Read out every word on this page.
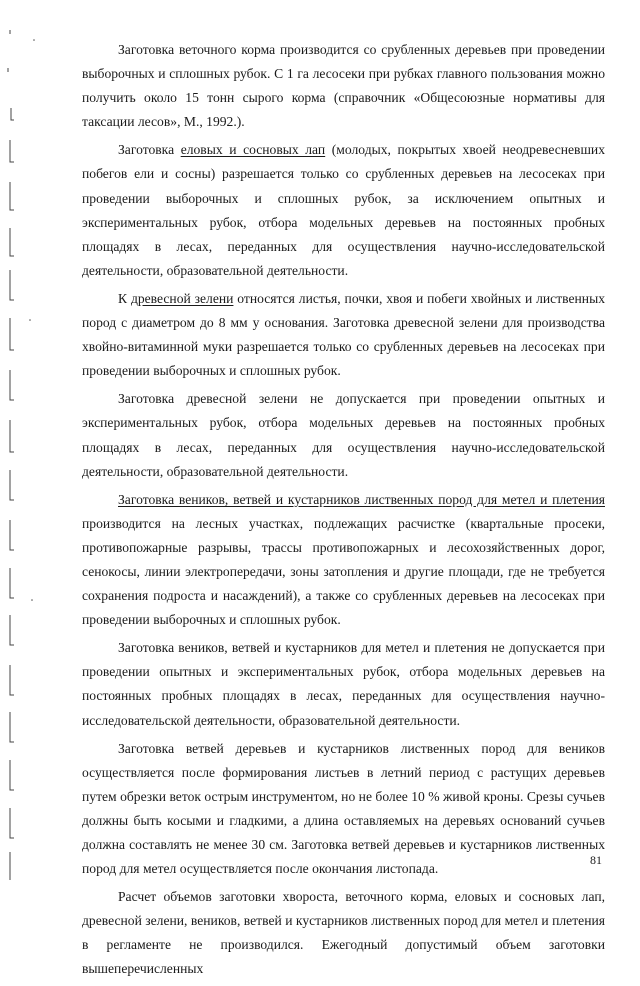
Заготовка веточного корма производится со срубленных деревьев при проведении выборочных и сплошных рубок. С 1 га лесосеки при рубках главного пользования можно получить около 15 тонн сырого корма (справочник «Общесоюзные нормативы для таксации лесов», М., 1992.).

Заготовка еловых и сосновых лап (молодых, покрытых хвоей неодревесневших побегов ели и сосны) разрешается только со срубленных деревьев на лесосеках при проведении выборочных и сплошных рубок, за исключением опытных и экспериментальных рубок, отбора модельных деревьев на постоянных пробных площадях в лесах, переданных для осуществления научно-исследовательской деятельности, образовательной деятельности.

К древесной зелени относятся листья, почки, хвоя и побеги хвойных и лиственных пород с диаметром до 8 мм у основания. Заготовка древесной зелени для производства хвойно-витаминной муки разрешается только со срубленных деревьев на лесосеках при проведении выборочных и сплошных рубок.

Заготовка древесной зелени не допускается при проведении опытных и экспериментальных рубок, отбора модельных деревьев на постоянных пробных площадях в лесах, переданных для осуществления научно-исследовательской деятельности, образовательной деятельности.

Заготовка веников, ветвей и кустарников лиственных пород для метел и плетения производится на лесных участках, подлежащих расчистке (квартальные просеки, противопожарные разрывы, трассы противопожарных и лесохозяйственных дорог, сенокосы, линии электропередачи, зоны затопления и другие площади, где не требуется сохранения подроста и насаждений), а также со срубленных деревьев на лесосеках при проведении выборочных и сплошных рубок.

Заготовка веников, ветвей и кустарников для метел и плетения не допускается при проведении опытных и экспериментальных рубок, отбора модельных деревьев на постоянных пробных площадях в лесах, переданных для осуществления научно-исследовательской деятельности, образовательной деятельности.

Заготовка ветвей деревьев и кустарников лиственных пород для веников осуществляется после формирования листьев в летний период с растущих деревьев путем обрезки веток острым инструментом, но не более 10 % живой кроны. Срезы сучьев должны быть косыми и гладкими, а длина оставляемых на деревьях оснований сучьев должна составлять не менее 30 см. Заготовка ветвей деревьев и кустарников лиственных пород для метел осуществляется после окончания листопада.

Расчет объемов заготовки хвороста, веточного корма, еловых и сосновых лап, древесной зелени, веников, ветвей и кустарников лиственных пород для метел и плетения в регламенте не производился. Ежегодный допустимый объем заготовки вышеперечисленных

81
